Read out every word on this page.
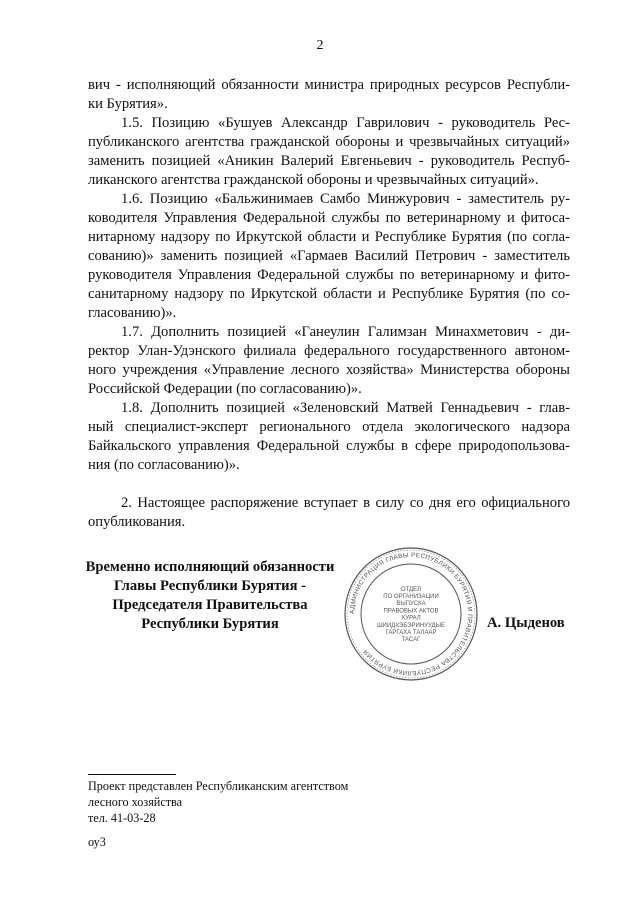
2
вич - исполняющий обязанности министра природных ресурсов Республи-
ки Бурятия».
1.5. Позицию «Бушуев Александр Гаврилович - руководитель Рес-
публиканского агентства гражданской обороны и чрезвычайных ситуаций»
заменить позицией «Аникин Валерий Евгеньевич - руководитель Респуб-
ликанского агентства гражданской обороны и чрезвычайных ситуаций».
1.6. Позицию «Бальжинимаев Самбо Минжурович - заместитель ру-
ководителя Управления Федеральной службы по ветеринарному и фитоса-
нитарному надзору по Иркутской области и Республике Бурятия (по согла-
сованию)» заменить позицией «Гармаев Василий Петрович - заместитель
руководителя Управления Федеральной службы по ветеринарному и фито-
санитарному надзору по Иркутской области и Республике Бурятия (по со-
гласованию)».
1.7. Дополнить позицией «Ганеулин Галимзан Минахметович - ди-
ректор Улан-Удэнского филиала федерального государственного автоном-
ного учреждения «Управление лесного хозяйства» Министерства обороны
Российской Федерации (по согласованию)».
1.8. Дополнить позицией «Зеленовский Матвей Геннадьевич - глав-
ный специалист-эксперт регионального отдела экологического надзора
Байкальского управления Федеральной службы в сфере природопользова-
ния (по согласованию)».
2. Настоящее распоряжение вступает в силу со дня его официального
опубликования.
Временно исполняющий обязанности
Главы Республики Бурятия -
Председателя Правительства
Республики Бурятия
АДМИНИСТРАЦИЯ ГЛАВЫ РЕСПУБЛИКИ БУРЯТИЯ И ПРАВИТЕЛЬСТВА РЕСПУБЛИКИ БУРЯТИЯ
ОТДЕЛ
ПО ОРГАНИЗАЦИИ
ВЫПУСКА
ПРАВОВЫХ АКТОВ
ХУРАЛ
ШИИДХЭБЭРИНУУДЫЕ
ГАРГАХА ТАЛААР
ТАСАГ
А. Цыденов
Проект представлен Республиканским агентством
лесного хозяйства
тел. 41-03-28
оу3
